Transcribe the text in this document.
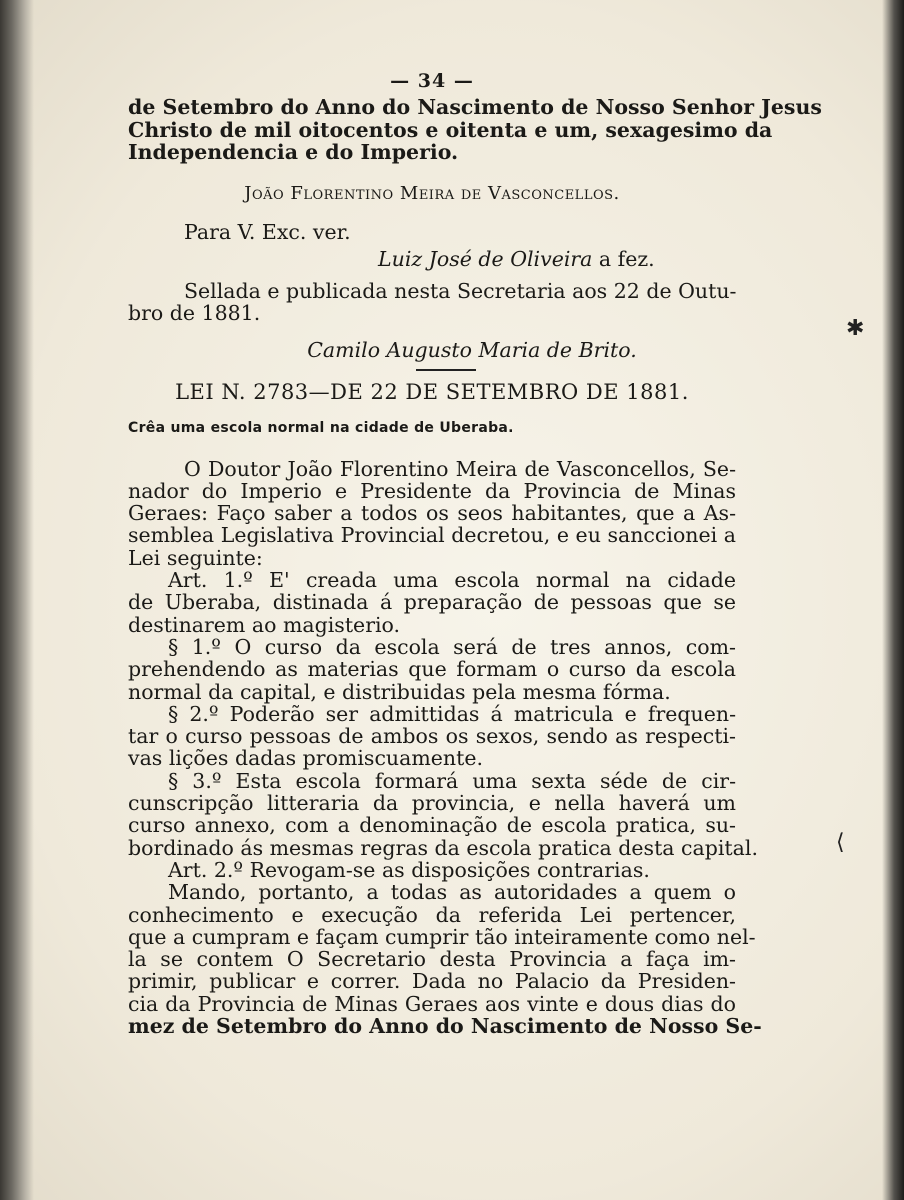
— 34 —
de Setembro do Anno do Nascimento de Nosso Senhor Jesus
Christo de mil oitocentos e oitenta e um, sexagesimo da
Independencia e do Imperio.
João Florentino Meira de Vasconcellos.
Para V. Exc. ver.
Luiz José de Oliveira a fez.
Sellada e publicada nesta Secretaria aos 22 de Outu-
bro de 1881.
Camilo Augusto Maria de Brito.
LEI N. 2783—DE 22 DE SETEMBRO DE 1881.
Crêa uma escola normal na cidade de Uberaba.
O Doutor João Florentino Meira de Vasconcellos, Se-
nador do Imperio e Presidente da Provincia de Minas
Geraes: Faço saber a todos os seos habitantes, que a As-
semblea Legislativa Provincial decretou, e eu sanccionei a
Lei seguinte:
Art. 1.º E' creada uma escola normal na cidade
de Uberaba, distinada á preparação de pessoas que se
destinarem ao magisterio.
§ 1.º O curso da escola será de tres annos, com-
prehendendo as materias que formam o curso da escola
normal da capital, e distribuidas pela mesma fórma.
§ 2.º Poderão ser admittidas á matricula e frequen-
tar o curso pessoas de ambos os sexos, sendo as respecti-
vas lições dadas promiscuamente.
§ 3.º Esta escola formará uma sexta séde de cir-
cunscripção litteraria da provincia, e nella haverá um
curso annexo, com a denominação de escola pratica, su-
bordinado ás mesmas regras da escola pratica desta capital.
Art. 2.º Revogam-se as disposições contrarias.
Mando, portanto, a todas as autoridades a quem o
conhecimento e execução da referida Lei pertencer,
que a cumpram e façam cumprir tão inteiramente como nel-
la se contem O Secretario desta Provincia a faça im-
primir, publicar e correr. Dada no Palacio da Presiden-
cia da Provincia de Minas Geraes aos vinte e dous dias do
mez de Setembro do Anno do Nascimento de Nosso Se-
✱
⟨
